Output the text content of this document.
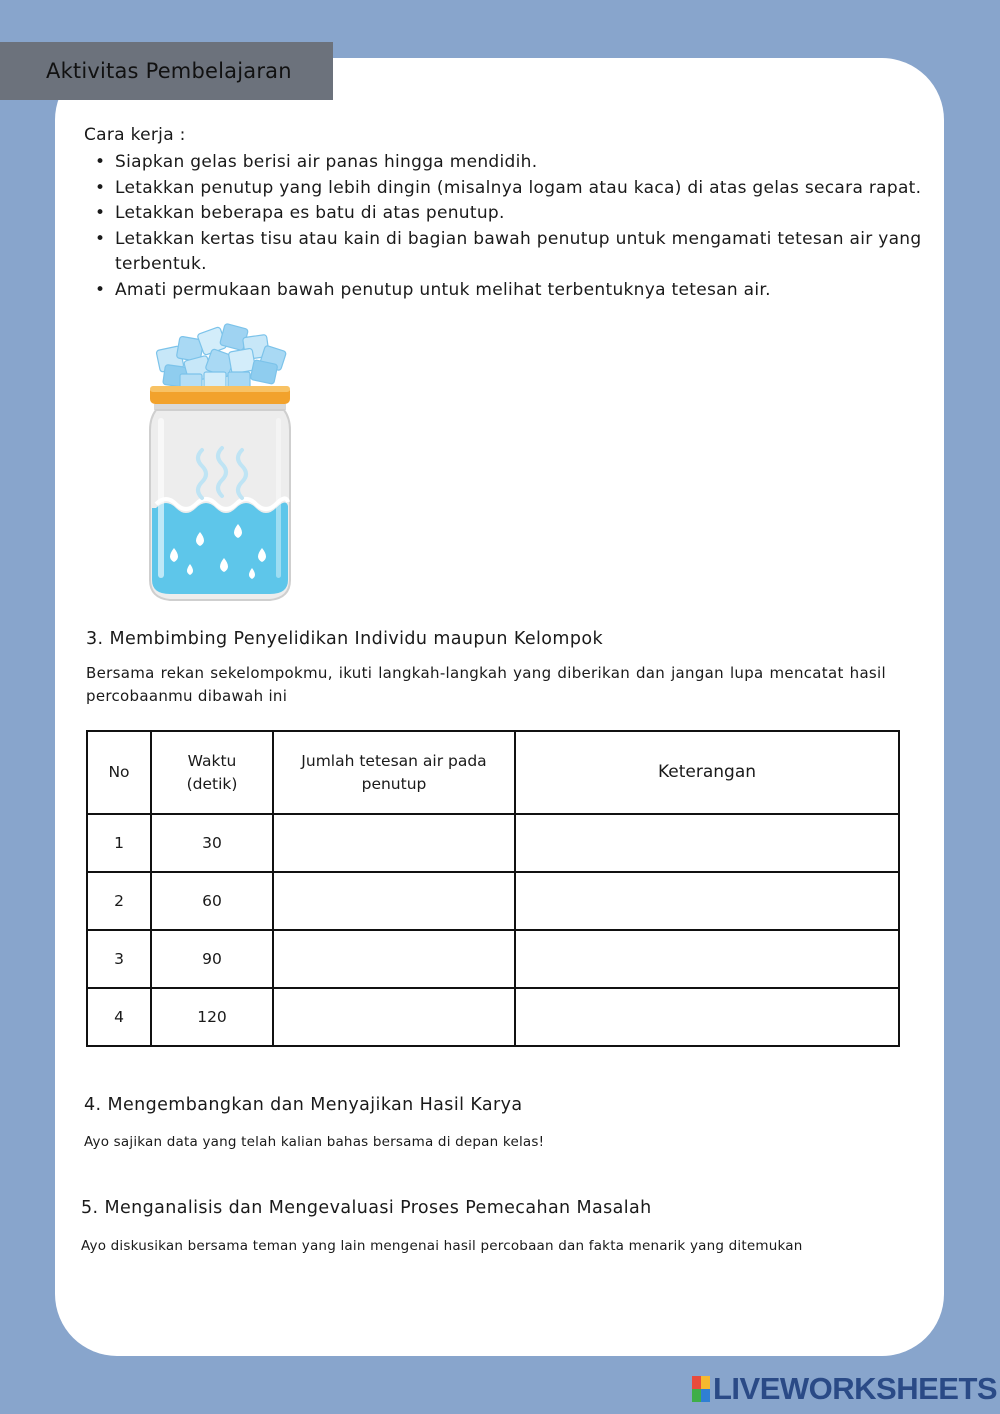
Aktivitas Pembelajaran
Cara kerja :
• Siapkan gelas berisi air panas hingga mendidih.
• Letakkan penutup yang lebih dingin (misalnya logam atau kaca) di atas gelas secara rapat.
• Letakkan beberapa es batu di atas penutup.
• Letakkan kertas tisu atau kain di bagian bawah penutup untuk mengamati tetesan air yang terbentuk.
• Amati permukaan bawah penutup untuk melihat terbentuknya tetesan air.
3. Membimbing Penyelidikan Individu maupun Kelompok
Bersama rekan sekelompokmu, ikuti langkah-langkah yang diberikan dan jangan lupa mencatat hasil percobaanmu dibawah ini
No	Waktu (detik)	Jumlah tetesan air pada penutup	Keterangan
1	30		
2	60		
3	90		
4	120		
4. Mengembangkan dan Menyajikan Hasil Karya
Ayo sajikan data yang telah kalian bahas bersama di depan kelas!
5. Menganalisis dan Mengevaluasi Proses Pemecahan Masalah
Ayo diskusikan bersama teman yang lain mengenai hasil percobaan dan fakta menarik yang ditemukan
LIVEWORKSHEETS
